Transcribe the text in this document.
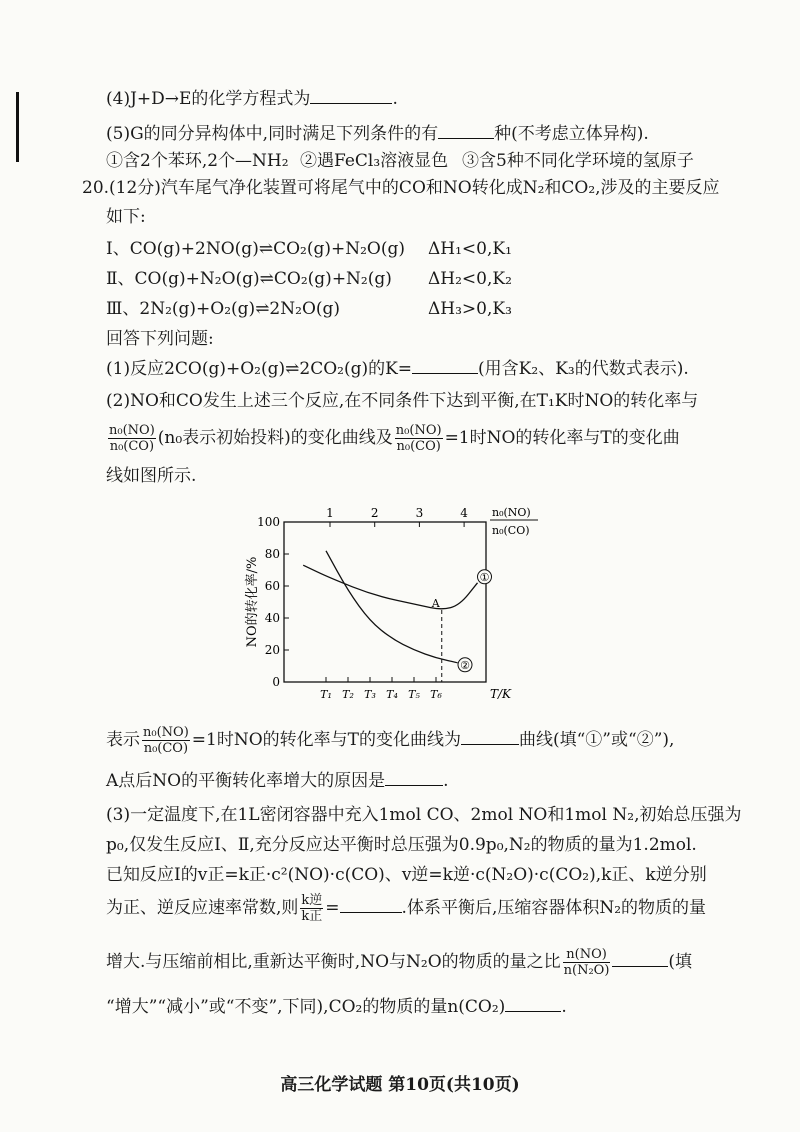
(4)J+D→E的化学方程式为	.
(5)G的同分异构体中,同时满足下列条件的有	种(不考虑立体异构).
①含2个苯环,2个—NH₂ ②遇FeCl₃溶液显色 ③含5种不同化学环境的氢原子
20.(12分)汽车尾气净化装置可将尾气中的CO和NO转化成N₂和CO₂,涉及的主要反应
如下:
Ⅰ、CO(g)+2NO(g)⇌CO₂(g)+N₂O(g) ΔH₁<0,K₁
Ⅱ、CO(g)+N₂O(g)⇌CO₂(g)+N₂(g) ΔH₂<0,K₂
Ⅲ、2N₂(g)+O₂(g)⇌2N₂O(g)	ΔH₃>0,K₃
回答下列问题:
(1)反应2CO(g)+O₂(g)⇌2CO₂(g)的K=	(用含K₂、K₃的代数式表示).
(2)NO和CO发生上述三个反应,在不同条件下达到平衡,在T₁K时NO的转化率与
$\frac{\text{n₀(NO)}}{\text{n₀(CO)}} (n_0$表示初始投料)的变化曲线及 $\frac{\text{n₀(NO)}}{\text{n₀(CO)}} =1$时NO的转化率与T的变化曲
线如图所示.
0
20
40
60
80
100
T₁ T₂ T₃ T₄ T₅ T₆
1	2	3	4
①
②
A
T/K
n₀(NO)
n₀(CO)
NO的转化率/%
表示 $\frac{\text{n₀(NO)}}{\text{n₀(CO)}} =1$时NO的转化率与T的变化曲线为	曲线(填“①”或“②”),
A点后NO的平衡转化率增大的原因是	.
(3)一定温度下,在1L密闭容器中充入1mol CO、2mol NO和1mol N₂,初始总压强为
p₀,仅发生反应Ⅰ、Ⅱ,充分反应达平衡时总压强为0.9p₀,N₂的物质的量为1.2mol.
已知反应Ⅰ的v正=k正·c²(NO)·c(CO)、v逆=k逆·c(N₂O)·c(CO₂),k正、k逆分别
为正、逆反应速率常数,则 $\frac{\text{k逆}}{\text{k正}}$ =	.体系平衡后,压缩容器体积N₂的物质的量
增大.与压缩前相比,重新达平衡时,NO与N₂O的物质的量之比 $\frac{n(NO)}{\text{n(N₂O)}}$	(填
“增大”“减小”或“不变”,下同),CO₂的物质的量n(CO₂)	.
高三化学试题 第10页(共10页)
